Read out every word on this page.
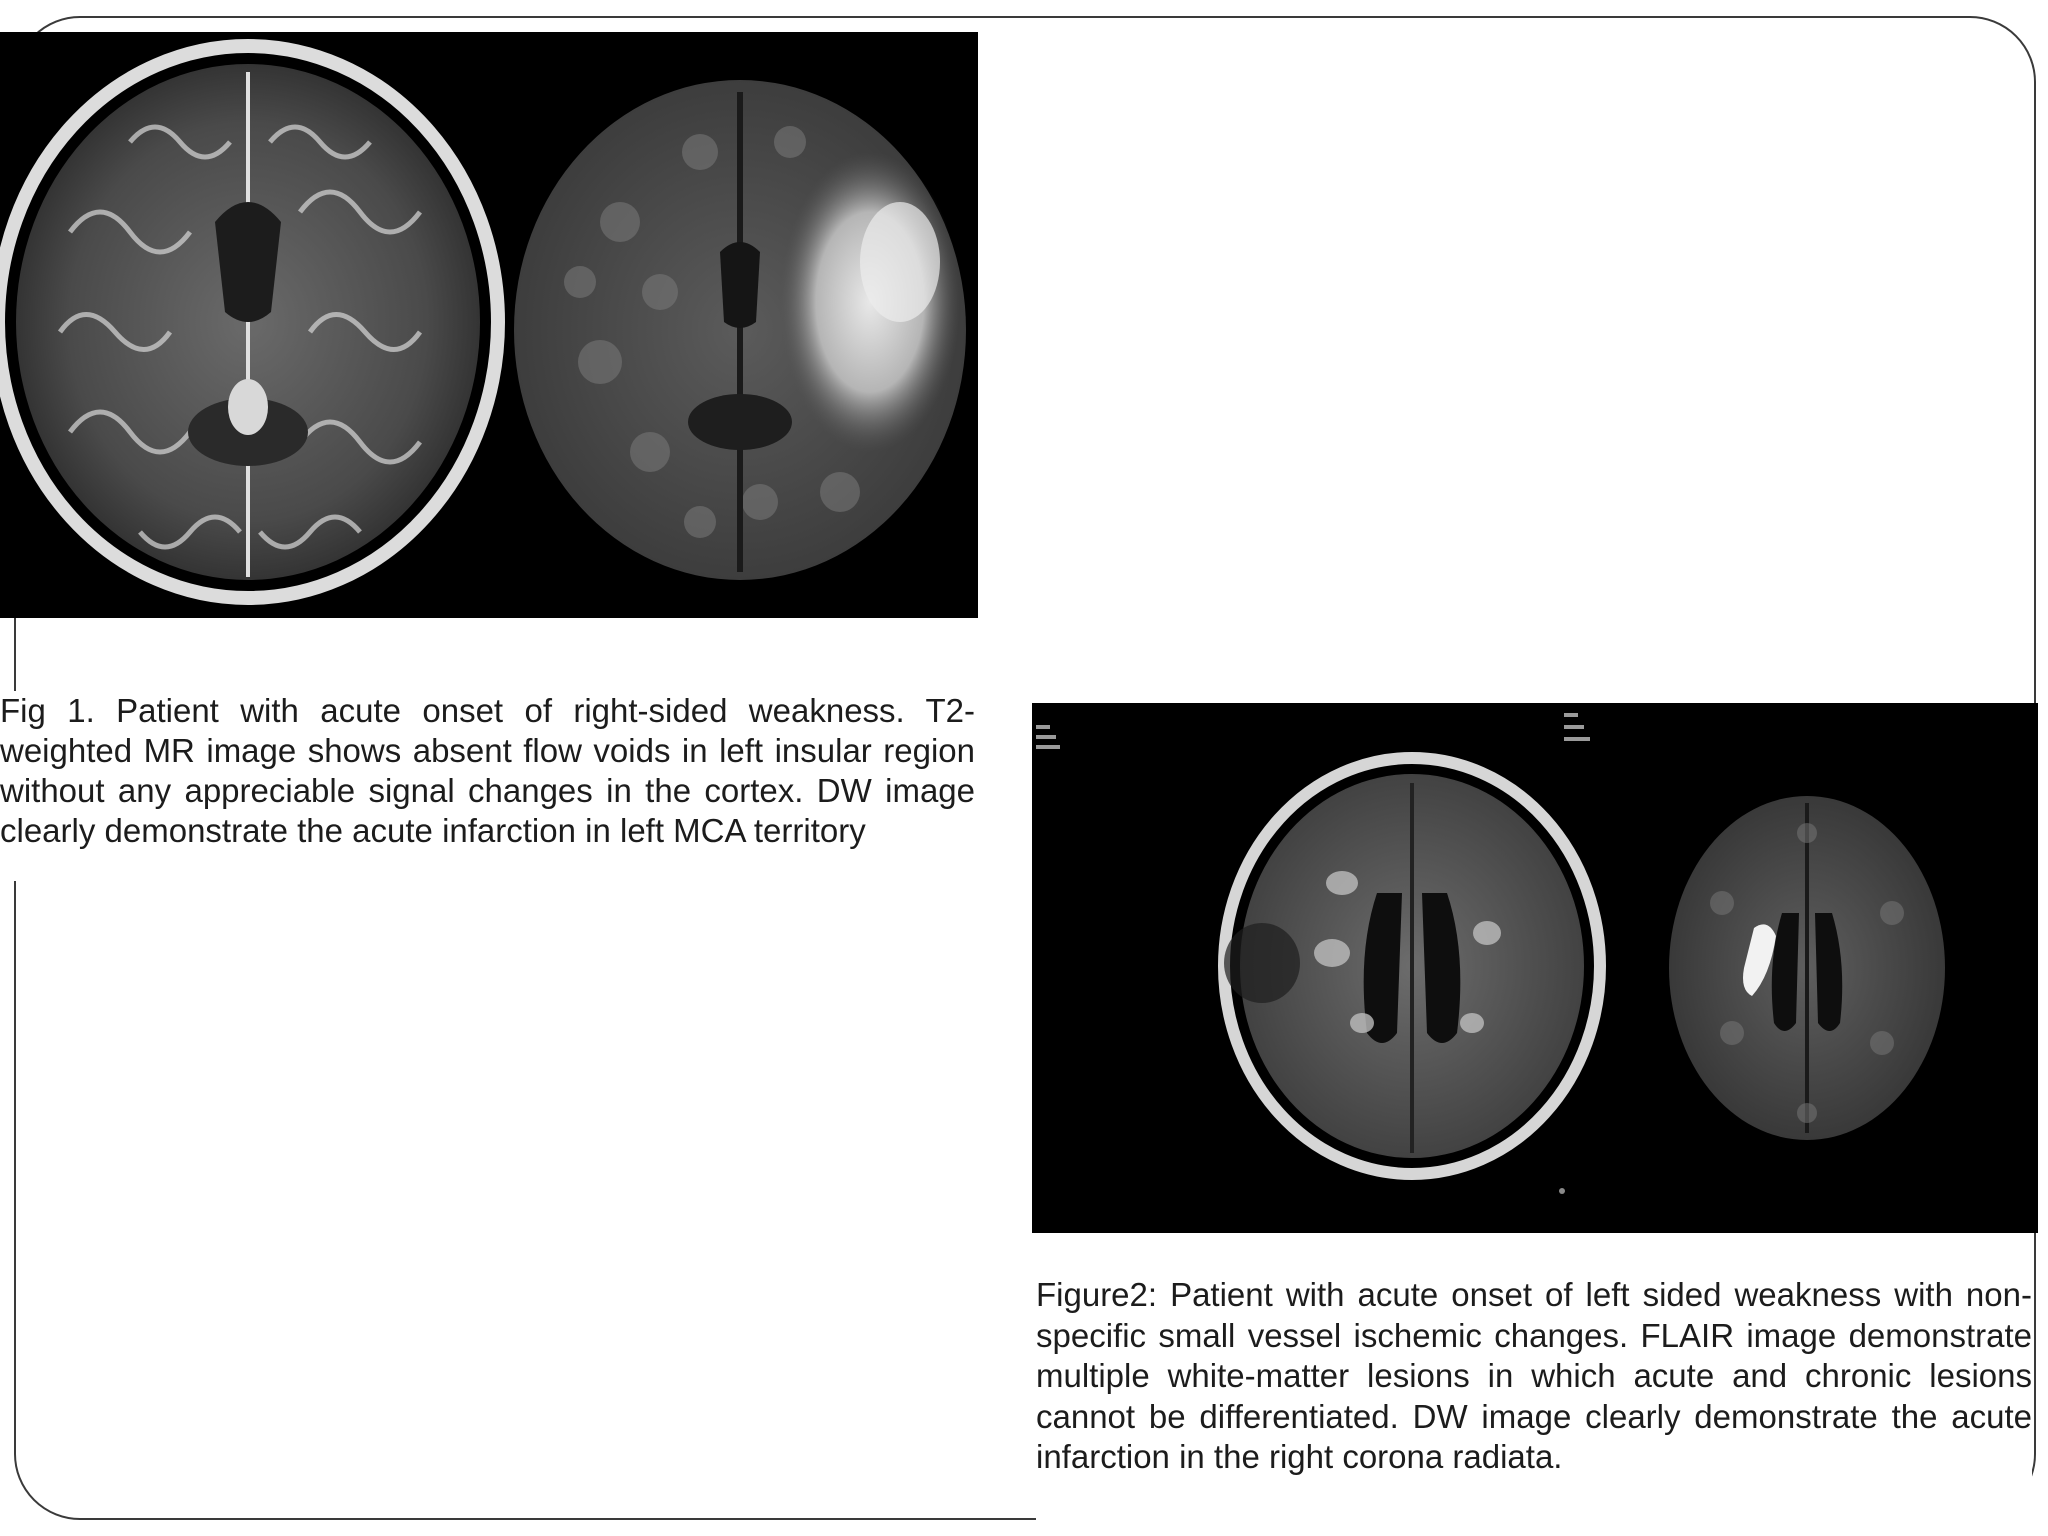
Fig 1. Patient with acute onset of right-sided weakness. T2-weighted MR image shows absent flow voids in left insular region without any appreciable signal changes in the cortex. DW image clearly demonstrate the acute infarction in left MCA territory

Figure2: Patient with acute onset of left sided weakness with non-specific small vessel ischemic changes. FLAIR image demonstrate multiple white-matter lesions in which acute and chronic lesions cannot be differentiated. DW image clearly demonstrate the acute infarction in the right corona radiata.
